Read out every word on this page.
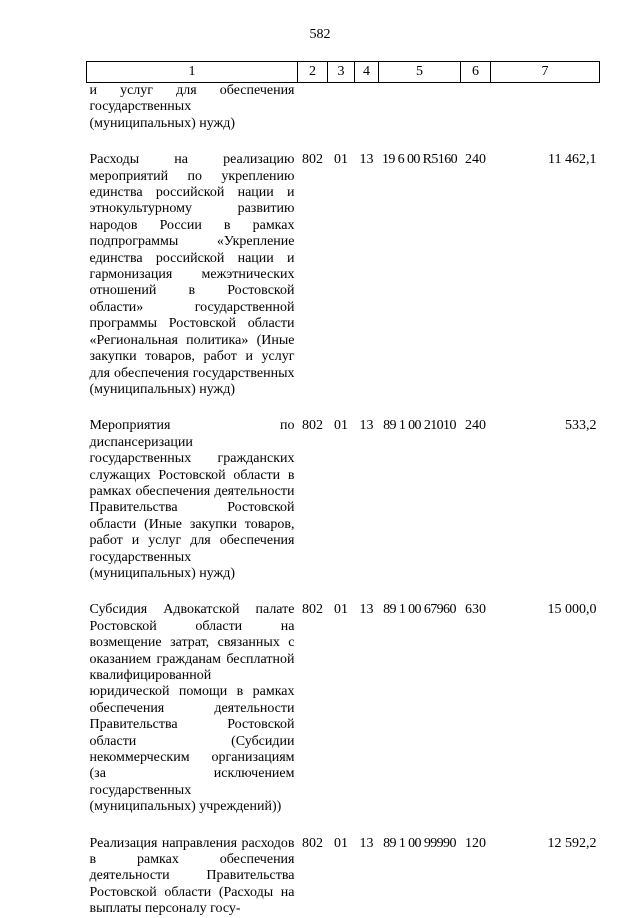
582
1	2	3	4	5	6	7
и услуг для обеспечения государственных (муниципальных) нужд)						

Расходы на реализацию мероприятий по укреплению единства российской нации и этнокультурному развитию народов России в рамках подпрограммы «Укрепление единства российской нации и гармонизация межэтнических отношений в Ростовской области» государственной программы Ростовской области «Региональная политика» (Иные закупки товаров, работ и услуг для обеспечения государственных (муниципальных) нужд)	802	01	13	19 6 00 R5160	240	11 462,1

Мероприятия по диспансеризации государственных гражданских служащих Ростовской области в рамках обеспечения деятельности Правительства Ростовской области (Иные закупки товаров, работ и услуг для обеспечения государственных (муниципальных) нужд)	802	01	13	89 1 00 21010	240	533,2

Субсидия Адвокатской палате Ростовской области на возмещение затрат, связанных с оказанием гражданам бесплатной квалифицированной юридической помощи в рамках обеспечения деятельности Правительства Ростовской области (Субсидии некоммерческим организациям (за исключением государственных (муниципальных) учреждений))	802	01	13	89 1 00 67960	630	15 000,0

Реализация направления расходов в рамках обеспечения деятельности Правительства Ростовской области (Расходы на выплаты персоналу госу-	802	01	13	89 1 00 99990	120	12 592,2
